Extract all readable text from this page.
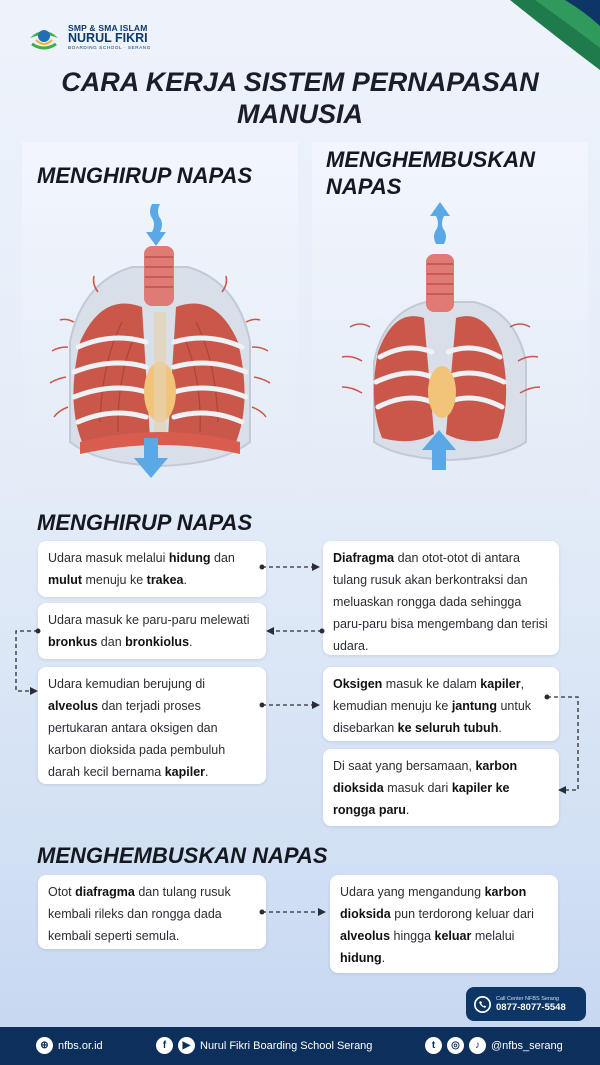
SMP & SMA ISLAM
NURUL FIKRI
BOARDING SCHOOL · SERANG
CARA KERJA SISTEM PERNAPASAN
MANUSIA
MENGHIRUP NAPAS
MENGHEMBUSKAN
NAPAS
MENGHIRUP NAPAS
Udara masuk melalui hidung dan mulut menuju ke trakea.
Diafragma dan otot-otot di antara tulang rusuk akan berkontraksi dan meluaskan rongga dada sehingga paru-paru bisa mengembang dan terisi udara.
Udara masuk ke paru-paru melewati bronkus dan bronkiolus.
Udara kemudian berujung di alveolus dan terjadi proses pertukaran antara oksigen dan karbon dioksida pada pembuluh darah kecil bernama kapiler.
Oksigen masuk ke dalam kapiler, kemudian menuju ke jantung untuk disebarkan ke seluruh tubuh.
Di saat yang bersamaan, karbon dioksida masuk dari kapiler ke rongga paru.
MENGHEMBUSKAN NAPAS
Otot diafragma dan tulang rusuk kembali rileks dan rongga dada kembali seperti semula.
Udara yang mengandung karbon dioksida pun terdorong keluar dari alveolus hingga keluar melalui hidung.
Call Center NFBS Serang
0877-8077-5548
⊕ nfbs.or.id	f	▶ Nurul Fikri Boarding School Serang	t	◎	♪	@nfbs_serang
